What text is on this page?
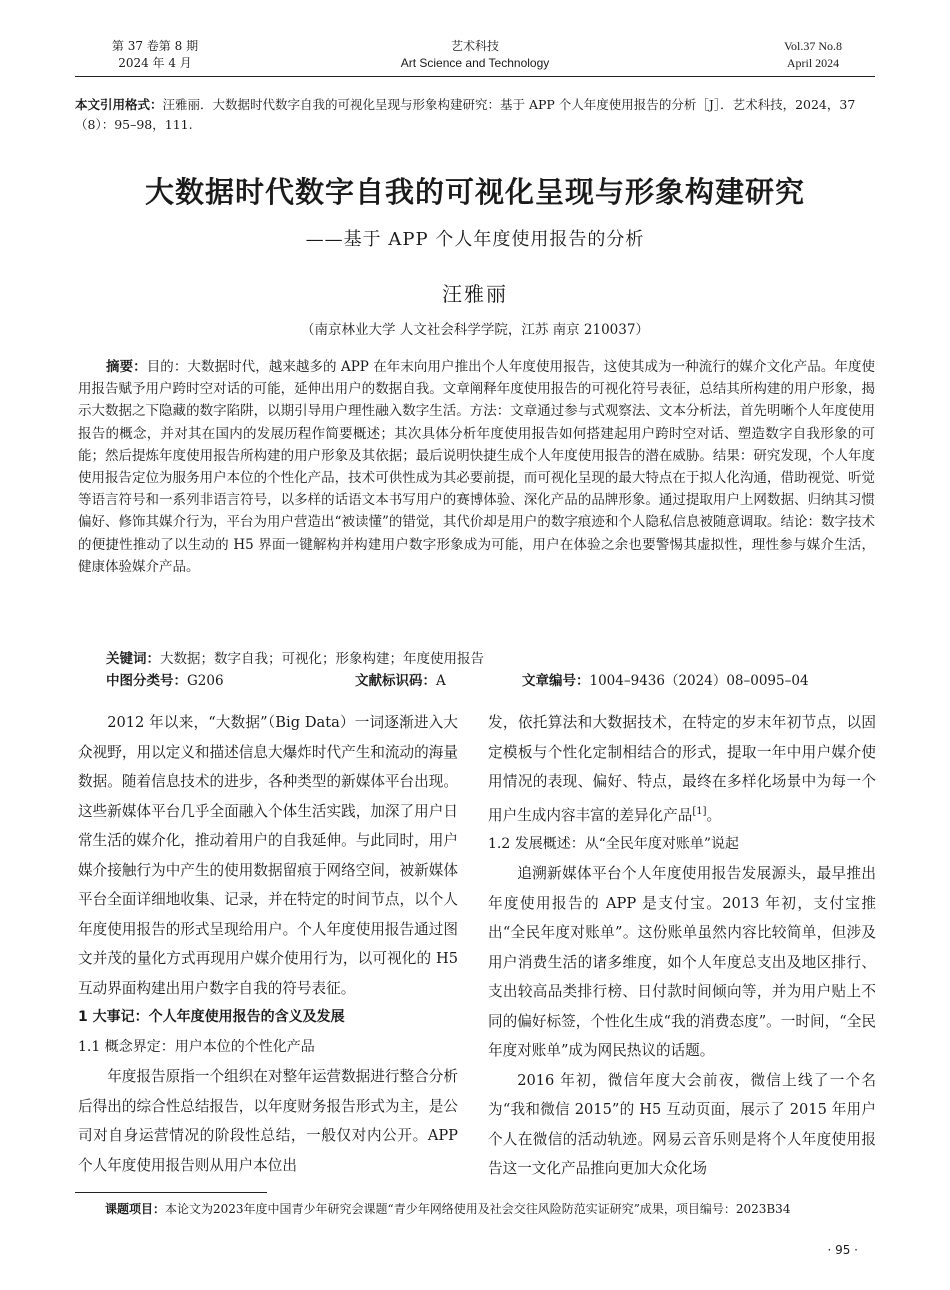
第 37 卷第 8 期
2024 年 4 月
艺术科技
Art Science and Technology
Vol.37 No.8
April 2024
本文引用格式：汪雅丽．大数据时代数字自我的可视化呈现与形象构建研究：基于 APP 个人年度使用报告的分析［J］．艺术科技，2024，37（8）：95–98，111.
大数据时代数字自我的可视化呈现与形象构建研究
——基于 APP 个人年度使用报告的分析
汪雅丽
（南京林业大学 人文社会科学学院，江苏 南京 210037）
摘要：目的：大数据时代，越来越多的 APP 在年末向用户推出个人年度使用报告，这使其成为一种流行的媒介文化产品。年度使用报告赋予用户跨时空对话的可能，延伸出用户的数据自我。文章阐释年度使用报告的可视化符号表征，总结其所构建的用户形象，揭示大数据之下隐藏的数字陷阱，以期引导用户理性融入数字生活。方法：文章通过参与式观察法、文本分析法，首先明晰个人年度使用报告的概念，并对其在国内的发展历程作简要概述；其次具体分析年度使用报告如何搭建起用户跨时空对话、塑造数字自我形象的可能；然后提炼年度使用报告所构建的用户形象及其依据；最后说明快捷生成个人年度使用报告的潜在威胁。结果：研究发现，个人年度使用报告定位为服务用户本位的个性化产品，技术可供性成为其必要前提，而可视化呈现的最大特点在于拟人化沟通，借助视觉、听觉等语言符号和一系列非语言符号，以多样的话语文本书写用户的赛博体验、深化产品的品牌形象。通过提取用户上网数据、归纳其习惯偏好、修饰其媒介行为，平台为用户营造出“被读懂”的错觉，其代价却是用户的数字痕迹和个人隐私信息被随意调取。结论：数字技术的便捷性推动了以生动的 H5 界面一键解构并构建用户数字形象成为可能，用户在体验之余也要警惕其虚拟性，理性参与媒介生活，健康体验媒介产品。
关键词：大数据；数字自我；可视化；形象构建；年度使用报告
中图分类号：G206	文献标识码：A	文章编号：1004–9436（2024）08–0095–04

2012 年以来，“大数据”（Big Data）一词逐渐进入大众视野，用以定义和描述信息大爆炸时代产生和流动的海量数据。随着信息技术的进步，各种类型的新媒体平台出现。这些新媒体平台几乎全面融入个体生活实践，加深了用户日常生活的媒介化，推动着用户的自我延伸。与此同时，用户媒介接触行为中产生的使用数据留痕于网络空间，被新媒体平台全面详细地收集、记录，并在特定的时间节点，以个人年度使用报告的形式呈现给用户。个人年度使用报告通过图文并茂的量化方式再现用户媒介使用行为，以可视化的 H5 互动界面构建出用户数字自我的符号表征。

1 大事记：个人年度使用报告的含义及发展

1.1 概念界定：用户本位的个性化产品

年度报告原指一个组织在对整年运营数据进行整合分析后得出的综合性总结报告，以年度财务报告形式为主，是公司对自身运营情况的阶段性总结，一般仅对内公开。APP 个人年度使用报告则从用户本位出

发，依托算法和大数据技术，在特定的岁末年初节点，以固定模板与个性化定制相结合的形式，提取一年中用户媒介使用情况的表现、偏好、特点，最终在多样化场景中为每一个用户生成内容丰富的差异化产品[1]。

1.2 发展概述：从“全民年度对账单”说起

追溯新媒体平台个人年度使用报告发展源头，最早推出年度使用报告的 APP 是支付宝。2013 年初，支付宝推出“全民年度对账单”。这份账单虽然内容比较简单，但涉及用户消费生活的诸多维度，如个人年度总支出及地区排行、支出较高品类排行榜、日付款时间倾向等，并为用户贴上不同的偏好标签，个性化生成“我的消费态度”。一时间，“全民年度对账单”成为网民热议的话题。

2016 年初，微信年度大会前夜，微信上线了一个名为“我和微信 2015”的 H5 互动页面，展示了 2015 年用户个人在微信的活动轨迹。网易云音乐则是将个人年度使用报告这一文化产品推向更加大众化场

课题项目：本论文为2023年度中国青少年研究会课题“青少年网络使用及社会交往风险防范实证研究”成果，项目编号：2023B34
· 95 ·
